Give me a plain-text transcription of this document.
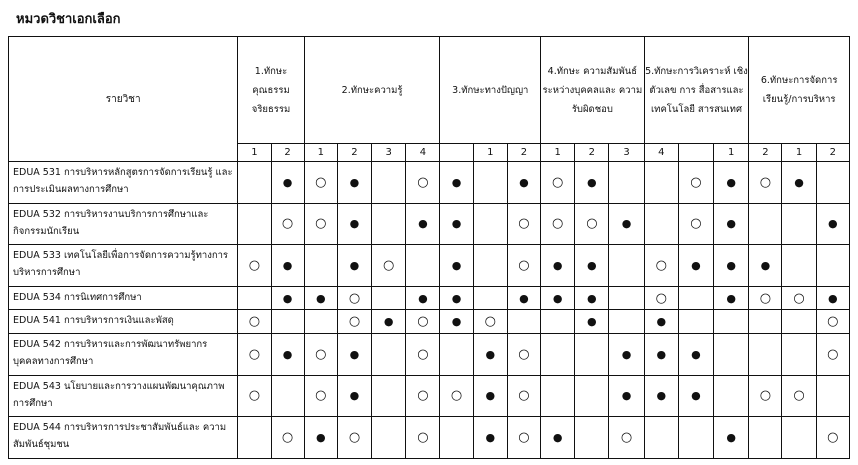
หมวดวิชาเอกเลือก
รายวิชา	1.ทักษะ คุณธรรม จริยธรรม		2.ทักษะความรู้				3.ทักษะทางปัญญา			4.ทักษะ ความสัมพันธ์ ระหว่างบุคคลและ ความรับผิดชอบ			5.ทักษะการวิเคราะห์ เชิงตัวเลข การ สื่อสารและ เทคโนโลยี สารสนเทศ			6.ทักษะการจัดการ เรียนรู้/การบริหาร		
	1	2	1	2	3	4		1	2	1	2	3	4		1	2	1	2
EDUA 531 การบริหารหลักสูตรการจัดการเรียนรู้ และการประเมินผลทางการศึกษา		●	○	●		○	●		●	○	●			○	●	○	●	
EDUA 532 การบริหารงานบริการการศึกษาและ กิจกรรมนักเรียน		○	○	●		●	●		○	○	○	●		○	●			●
EDUA 533 เทคโนโลยีเพื่อการจัดการความรู้ทางการ บริหารการศึกษา	○	●		●	○		●		○	●	●		○	●	●	●		
EDUA 534 การนิเทศการศึกษา		●	●	○		●	●		●	●	●		○		●	○	○	●
EDUA 541 การบริหารการเงินและพัสดุ	○			○	●	○	●	○			●		●					○
EDUA 542 การบริหารและการพัฒนาทรัพยากร บุคคลทางการศึกษา	○	●	○	●		○		●	○			●	●	●				○
EDUA 543 นโยบายและการวางแผนพัฒนาคุณภาพ การศึกษา	○		○	●		○	○	●	○			●	●	●		○	○	
EDUA 544 การบริหารการประชาสัมพันธ์และ ความสัมพันธ์ชุมชน		○	●	○		○		●	○	●		○			●			○
